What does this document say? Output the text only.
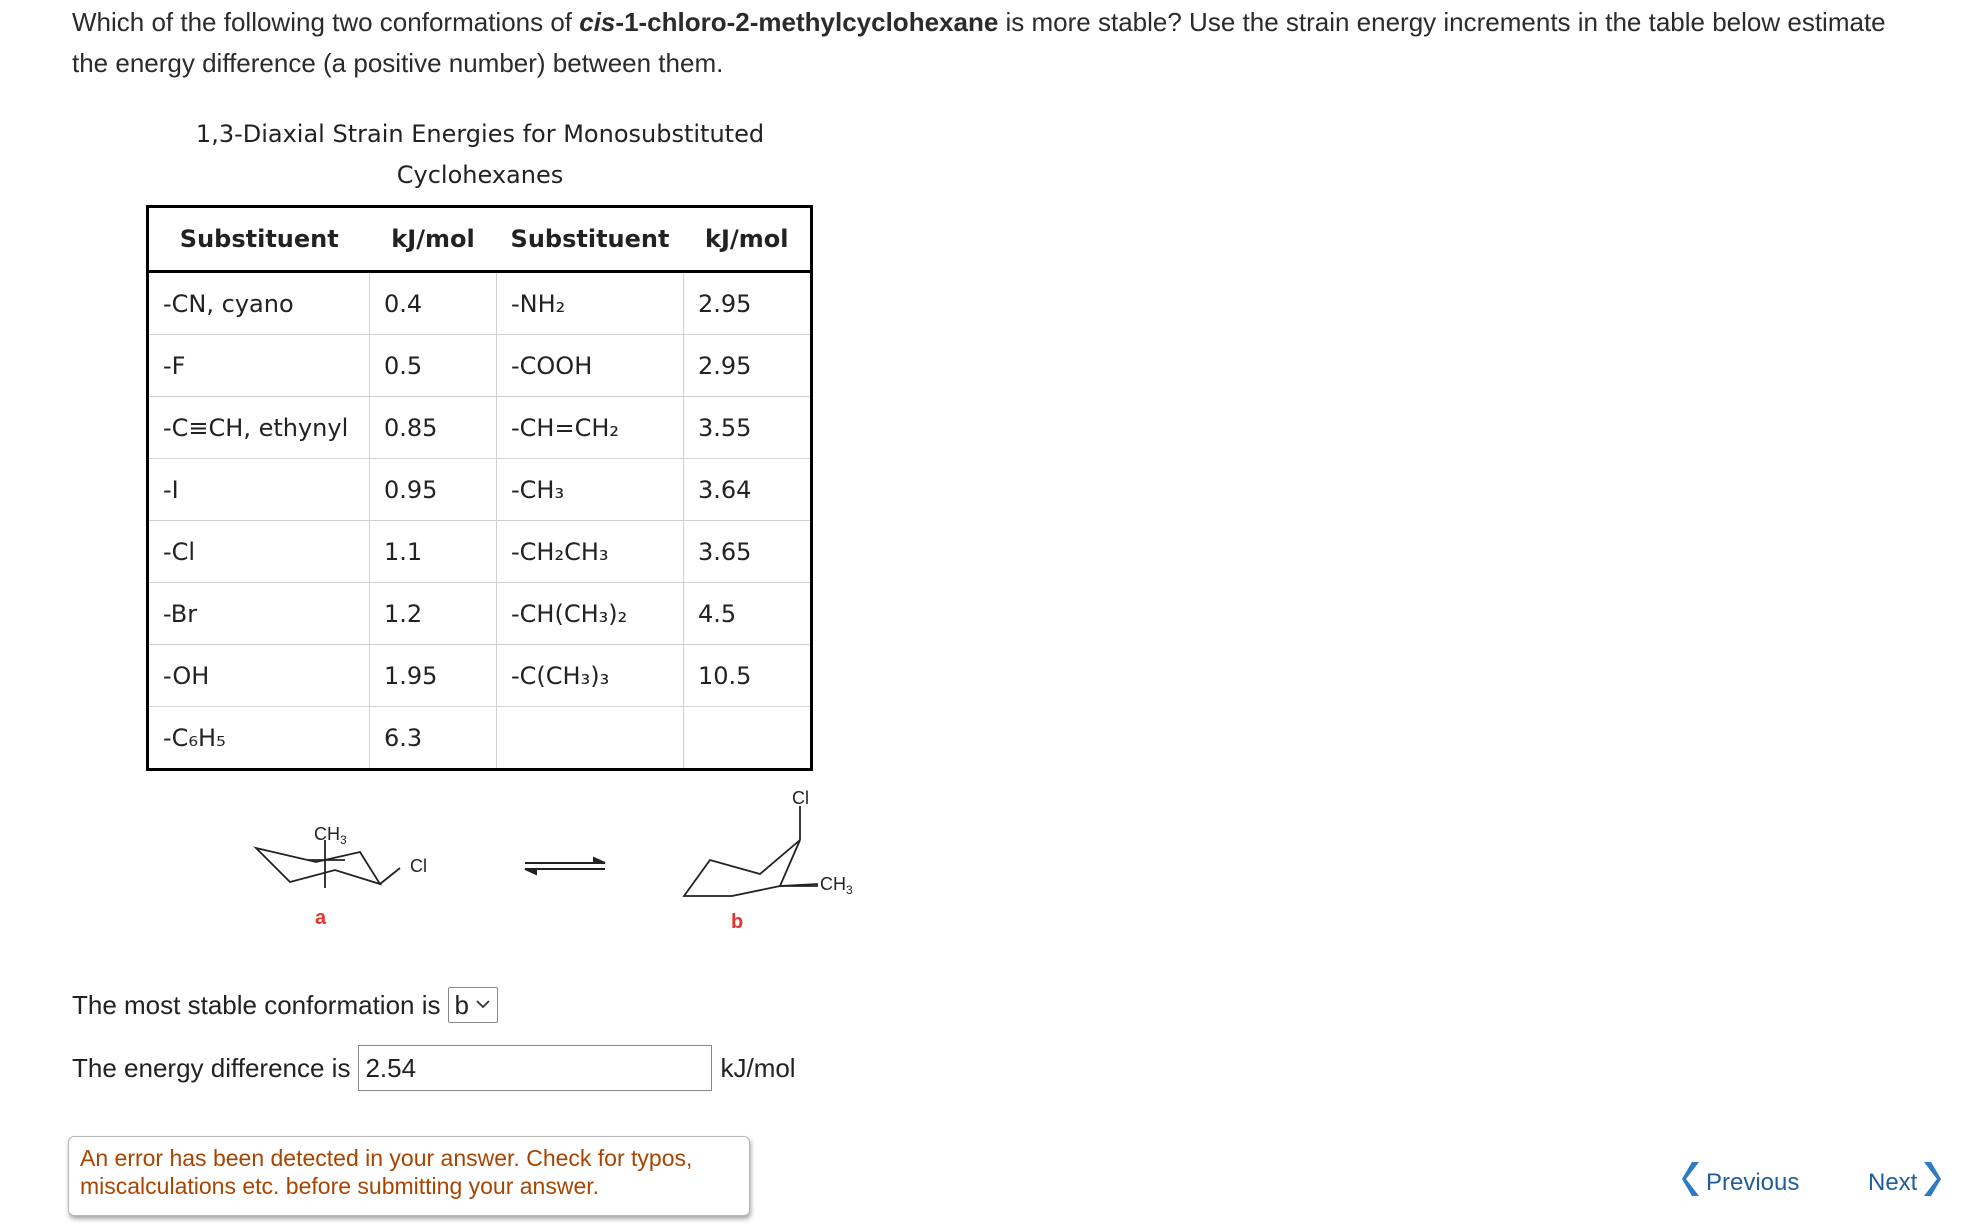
Which of the following two conformations of cis-1-chloro-2-methylcyclohexane is more stable? Use the strain energy increments in the table below estimate the energy difference (a positive number) between them.
1,3-Diaxial Strain Energies for Monosubstituted Cyclohexanes
Substituent	kJ/mol	Substituent	kJ/mol
-CN, cyano	0.4	-NH₂	2.95
-F	0.5	-COOH	2.95
-C≡CH, ethynyl	0.85	-CH=CH₂	3.55
-I	0.95	-CH₃	3.64
-Cl	1.1	-CH₂CH₃	3.65
-Br	1.2	-CH(CH₃)₂	4.5
-OH	1.95	-C(CH₃)₃	10.5
-C₆H₅	6.3		
$CH_3$
Cl
a
Cl
$CH_3$
b
The most stable conformation is b
The energy difference is
2.54	kJ/mol
An error has been detected in your answer. Check for typos, miscalculations etc. before submitting your answer.	Previous	Next
